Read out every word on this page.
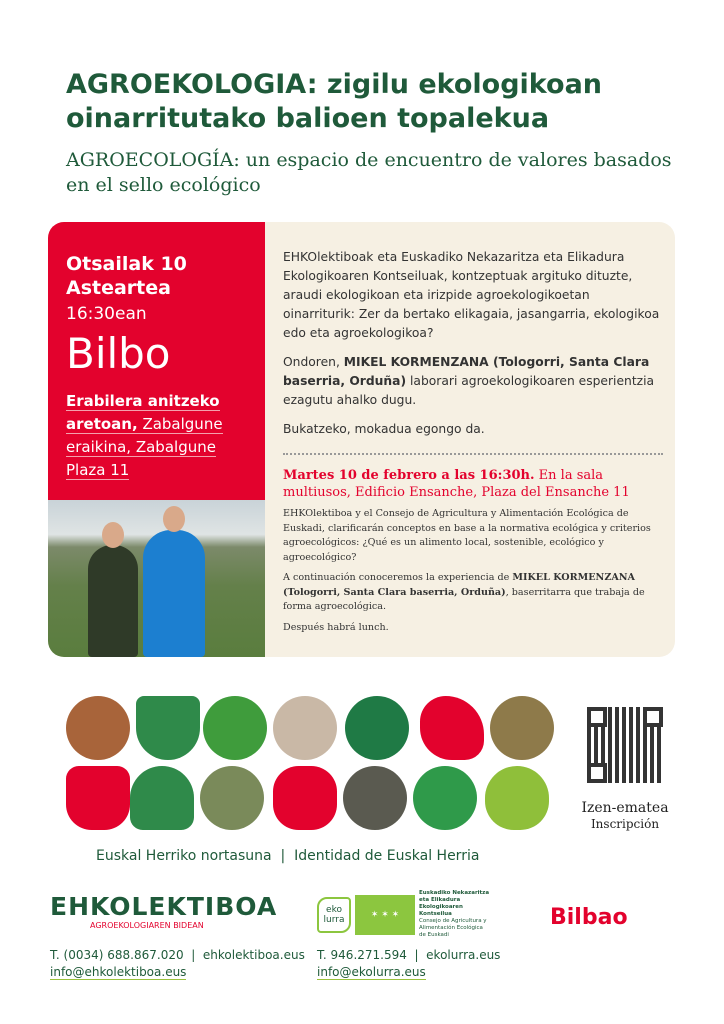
AGROEKOLOGIA: zigilu ekologikoan oinarritutako balioen topalekua
AGROECOLOGÍA: un espacio de encuentro de valores basados en el sello ecológico
Otsailak 10
Asteartea
16:30ean
Bilbo
Erabilera anitzeko aretoan, Zabalgune eraikina, Zabalgune Plaza 11

EHKOlektiboak eta Euskadiko Nekazaritza eta Elikadura Ekologikoaren Kontseiluak, kontzeptuak argituko dituzte, araudi ekologikoan eta irizpide agroekologikoetan oinarriturik: Zer da bertako elikagaia, jasangarria, ekologikoa edo eta agroekologikoa?

Ondoren, MIKEL KORMENZANA (Tologorri, Santa Clara baserria, Orduña) laborari agroekologikoaren esperientzia ezagutu ahalko dugu.

Bukatzeko, mokadua egongo da.

Martes 10 de febrero a las 16:30h. En la sala multiusos, Edificio Ensanche, Plaza del Ensanche 11
EHKOlektiboa y el Consejo de Agricultura y Alimentación Ecológica de Euskadi, clarificarán conceptos en base a la normativa ecológica y criterios agroecológicos: ¿Qué es un alimento local, sostenible, ecológico y agroecológico?
A continuación conoceremos la experiencia de MIKEL KORMENZANA (Tologorri, Santa Clara baserria, Orduña), baserritarra que trabaja de forma agroecológica.
Después habrá lunch.
Izen-ematea
Inscripción
Euskal Herriko nortasuna  |  Identidad de Euskal Herria
EHKOLEKTIBOA
AGROEKOLOGIAREN BIDEAN
T. (0034) 688.867.020  |  ehkolektiboa.eus
info@ehkolektiboa.eus
eko lurra	✶ ✶ ✶
Euskadiko Nekazaritza eta Elikadura Ekologikoaren Kontseilua
Consejo de Agricultura y Alimentación Ecológica de Euskadi
T. 946.271.594  |  ekolurra.eus
info@ekolurra.eus
Bilbao
